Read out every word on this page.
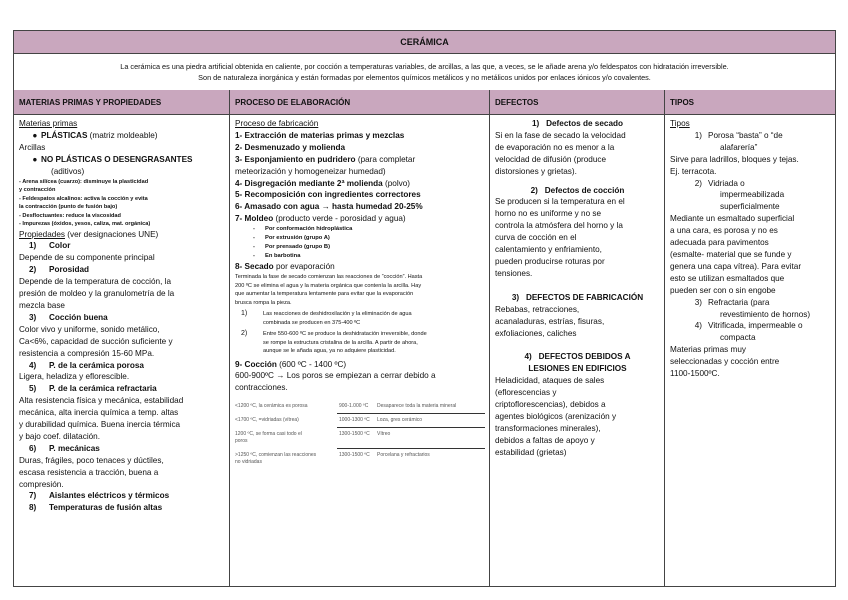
CERÁMICA
La cerámica es una piedra artificial obtenida en caliente, por cocción a temperaturas variables, de arcillas, a las que, a veces, se le añade arena y/o feldespatos con hidratación irreversible.
Son de naturaleza inorgánica y están formadas por elementos químicos metálicos y no metálicos unidos por enlaces iónicos y/o covalentes.
MATERIAS PRIMAS Y PROPIEDADES
Materias primas
● PLÁSTICAS (matriz moldeable)
Arcillas
● NO PLÁSTICAS O DESENGRASANTES
(aditivos)
- Arena silícea (cuarzo): disminuye la plasticidad
y contracción
- Feldespatos alcalinos: activa la cocción y evita
la contracción (punto de fusión bajo)
- Desfloctuantes: reduce la viscosidad
- Impurezas (óxidos, yesos, caliza, mat. orgánica)
Propiedades (ver designaciones UNE)
1) Color
Depende de su componente principal
2) Porosidad
Depende de la temperatura de cocción, la
presión de moldeo y la granulometría de la
mezcla base
3) Cocción buena
Color vivo y uniforme, sonido metálico,
Ca<6%, capacidad de succión suficiente y
resistencia a compresión 15-60 MPa.
4) P. de la cerámica porosa
Ligera, heladiza y eflorescible.
5) P. de la cerámica refractaria
Alta resistencia física y mecánica, estabilidad
mecánica, alta inercia química a temp. altas
y durabilidad química. Buena inercia térmica
y bajo coef. dilatación.
6) P. mecánicas
Duras, frágiles, poco tenaces y dúctiles,
escasa resistencia a tracción, buena a
compresión.
7) Aislantes eléctricos y térmicos
8) Temperaturas de fusión altas
PROCESO DE ELABORACIÓN
Proceso de fabricación
1- Extracción de materias primas y mezclas
2- Desmenuzado y molienda
3- Esponjamiento en pudridero (para completar
meteorización y homogeneizar humedad)
4- Disgregación mediante 2ª molienda (polvo)
5- Recomposición con ingredientes correctores
6- Amasado con agua → hasta humedad 20-25%
7- Moldeo (producto verde - porosidad y agua)
- Por conformación hidroplástica
- Por extrusión (grupo A)
- Por prensado (grupo B)
- En barbotina
8- Secado por evaporación
Terminada la fase de secado comienzan las reacciones de “cocción”. Hasta
200 ºC se elimina el agua y la materia orgánica que contenía la arcilla. Hay
que aumentar la temperatura lentamente para evitar que la evaporación
brusca rompa la pieza.
1)	Las reacciones de deshidroxilación y la eliminación de agua
combinada se producen en 375-400 ºC
2)	Entre 550-600 ºC se produce la deshidratación irreversible, donde
se rompe la estructura cristalina de la arcilla. A partir de ahora,
aunque se le añada agua, ya no adquiere plasticidad.
9- Cocción (600 ºC - 1400 ºC)
600-900ºC → Los poros se empiezan a cerrar debido a
contracciones.
<1200 ºC, la cerámica es porosa	900-1.000 ºC	Desaparece toda la materia mineral
<1700 ºC, =vidriadas (vítrea)	1000-1300 ºC	Loza, gres cerámico
1200 ºC, se forma casi todo el
poros
1300-1500 ºC	Vítreo
>1250 ºC, comienzan las reacciones
no vidriadas
1300-1500 ºC	Porcelana y refractarios
DEFECTOS
1)   Defectos de secado
Si en la fase de secado la velocidad
de evaporación no es menor a la
velocidad de difusión (produce
distorsiones y grietas).
2)   Defectos de cocción
Se producen si la temperatura en el
horno no es uniforme y no se
controla la atmósfera del horno y la
curva de cocción en el
calentamiento y enfriamiento,
pueden producirse roturas por
tensiones.
3)   DEFECTOS DE FABRICACIÓN
Rebabas, retracciones,
acanaladuras, estrías, fisuras,
exfoliaciones, caliches
4)   DEFECTOS DEBIDOS A
LESIONES EN EDIFICIOS
Heladicidad, ataques de sales
(eflorescencias y
criptoflorescencias), debidos a
agentes biológicos (arenización y
transformaciones minerales),
debidos a faltas de apoyo y
estabilidad (grietas)
TIPOS
Tipos
1) Porosa “basta” o “de
alafarería”
Sirve para ladrillos, bloques y tejas.
Ej. terracota.
2) Vidriada o
impermeabilizada
superficialmente
Mediante un esmaltado superficial
a una cara, es porosa y no es
adecuada para pavimentos
(esmalte- material que se funde y
genera una capa vítrea). Para evitar
esto se utilizan esmaltados que
pueden ser con o sin engobe
3) Refractaria (para
revestimiento de hornos)
4) Vitrificada, impermeable o
compacta
Materias primas muy
seleccionadas y cocción entre
1100-1500ºC.
